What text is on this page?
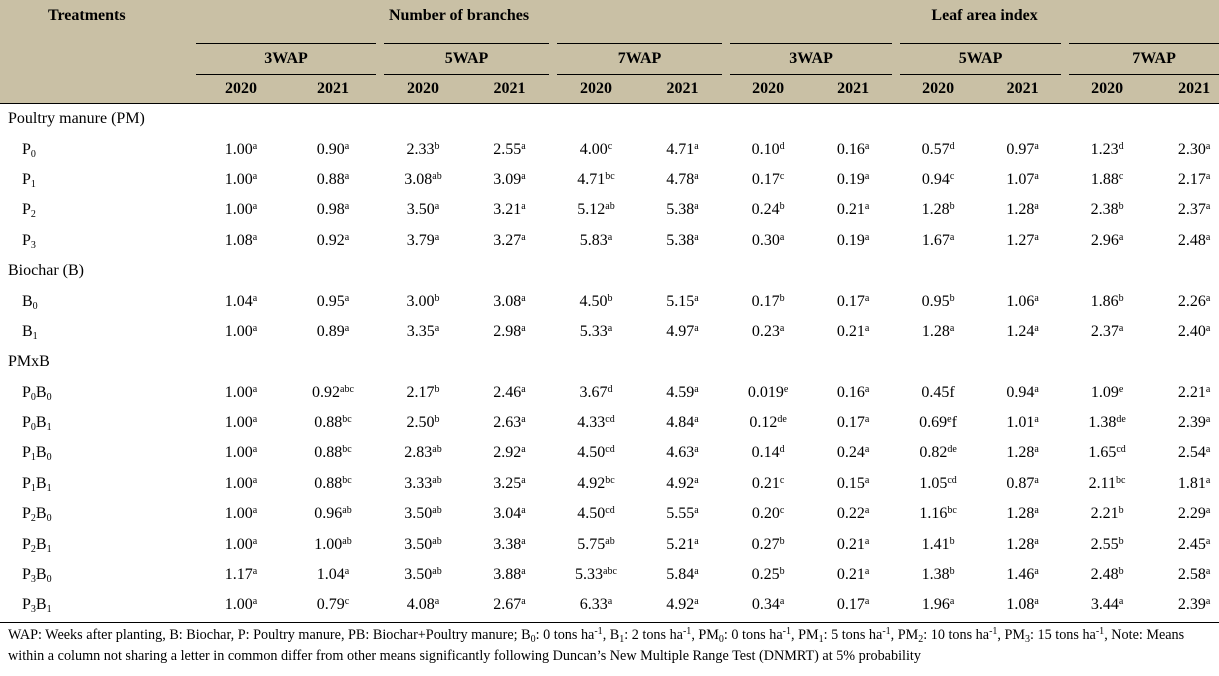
Treatments	Number of branches						Leaf area index					
	3WAP		5WAP		7WAP		3WAP		5WAP		7WAP	
	2020	2021	2020	2021	2020	2021	2020	2021	2020	2021	2020	2021
Poultry manure (PM)												
$P_0$	1.00$^a$	0.90$^a$	2.33$^b$	2.55$^a$	4.00$^c$	4.71$^a$	0.10$^d$	0.16$^a$	0.57$^d$	0.97$^a$	1.23$^d$	2.30$^a$
$P_1$	1.00$^a$	0.88$^a$	3.08$^{ab}$	3.09$^a$	4.71$^{bc}$	4.78$^a$	0.17$^c$	0.19$^a$	0.94$^c$	1.07$^a$	1.88$^c$	2.17$^a$
$P_2$	1.00$^a$	0.98$^a$	3.50$^a$	3.21$^a$	5.12$^{ab}$	5.38$^a$	0.24$^b$	0.21$^a$	1.28$^b$	1.28$^a$	2.38$^b$	2.37$^a$
$P_3$	1.08$^a$	0.92$^a$	3.79$^a$	3.27$^a$	5.83$^a$	5.38$^a$	0.30$^a$	0.19$^a$	1.67$^a$	1.27$^a$	2.96$^a$	2.48$^a$
Biochar (B)												
$B_0$	1.04$^a$	0.95$^a$	3.00$^b$	3.08$^a$	4.50$^b$	5.15$^a$	0.17$^b$	0.17$^a$	0.95$^b$	1.06$^a$	1.86$^b$	2.26$^a$
$B_1$	1.00$^a$	0.89$^a$	3.35$^a$	2.98$^a$	5.33$^a$	4.97$^a$	0.23$^a$	0.21$^a$	1.28$^a$	1.24$^a$	2.37$^a$	2.40$^a$
PMxB												
$P_0B_0$	1.00$^a$	0.92$^{abc}$	2.17$^b$	2.46$^a$	3.67$^d$	4.59$^a$	0.019e	0.16$^a$	0.45f	0.94$^a$	1.09e	2.21$^a$
$P_0B_1$	1.00$^a$	0.88$^{bc}$	2.50$^b$	2.63$^a$	4.33$^{cd}$	4.84$^a$	0.12de	0.17$^a$	0.69ef	1.01$^a$	1.38de	2.39$^a$
$P_1B_0$	1.00$^a$	0.88$^{bc}$	2.83$^{ab}$	2.92$^a$	4.50$^{cd}$	4.63$^a$	0.14$^d$	0.24$^a$	0.82de	1.28$^a$	1.65$^{cd}$	2.54$^a$
$P_1B_1$	1.00$^a$	0.88$^{bc}$	3.33$^{ab}$	3.25$^a$	4.92$^{bc}$	4.92$^a$	0.21$^c$	0.15$^a$	1.05$^{cd}$	0.87$^a$	2.11$^{bc}$	1.81$^a$
$P_2B_0$	1.00$^a$	0.96$^{ab}$	3.50$^{ab}$	3.04$^a$	4.50$^{cd}$	5.55$^a$	0.20$^c$	0.22$^a$	1.16$^{bc}$	1.28$^a$	2.21$^b$	2.29$^a$
$P_2B_1$	1.00$^a$	1.00$^{ab}$	3.50$^{ab}$	3.38$^a$	5.75$^{ab}$	5.21$^a$	0.27$^b$	0.21$^a$	1.41$^b$	1.28$^a$	2.55$^b$	2.45$^a$
$P_3B_0$	1.17$^a$	1.04$^a$	3.50$^{ab}$	3.88$^a$	5.33$^{abc}$	5.84$^a$	0.25$^b$	0.21$^a$	1.38$^b$	1.46$^a$	2.48$^b$	2.58$^a$
$P_3B_1$	1.00$^a$	0.79$^c$	4.08$^a$	2.67$^a$	6.33$^a$	4.92$^a$	0.34$^a$	0.17$^a$	1.96$^a$	1.08$^a$	3.44$^a$	2.39$^a$
WAP: Weeks after planting, B: Biochar, P: Poultry manure, PB: Biochar+Poultry manure; $B_0$: 0 tons $ha^{-1}$, $B_1$: 2 tons $ha^{-1}$, $PM_0$: 0 tons $ha^{-1}$, $PM_1$: 5 tons $ha^{-1}$, $PM_2$: 10 tons $ha^{-1}$, $PM_3$: 15 tons $ha^{-1}$, Note: Means within a column not sharing a letter in common differ from other means significantly following Duncan’s New Multiple Range Test (DNMRT) at 5% probability
